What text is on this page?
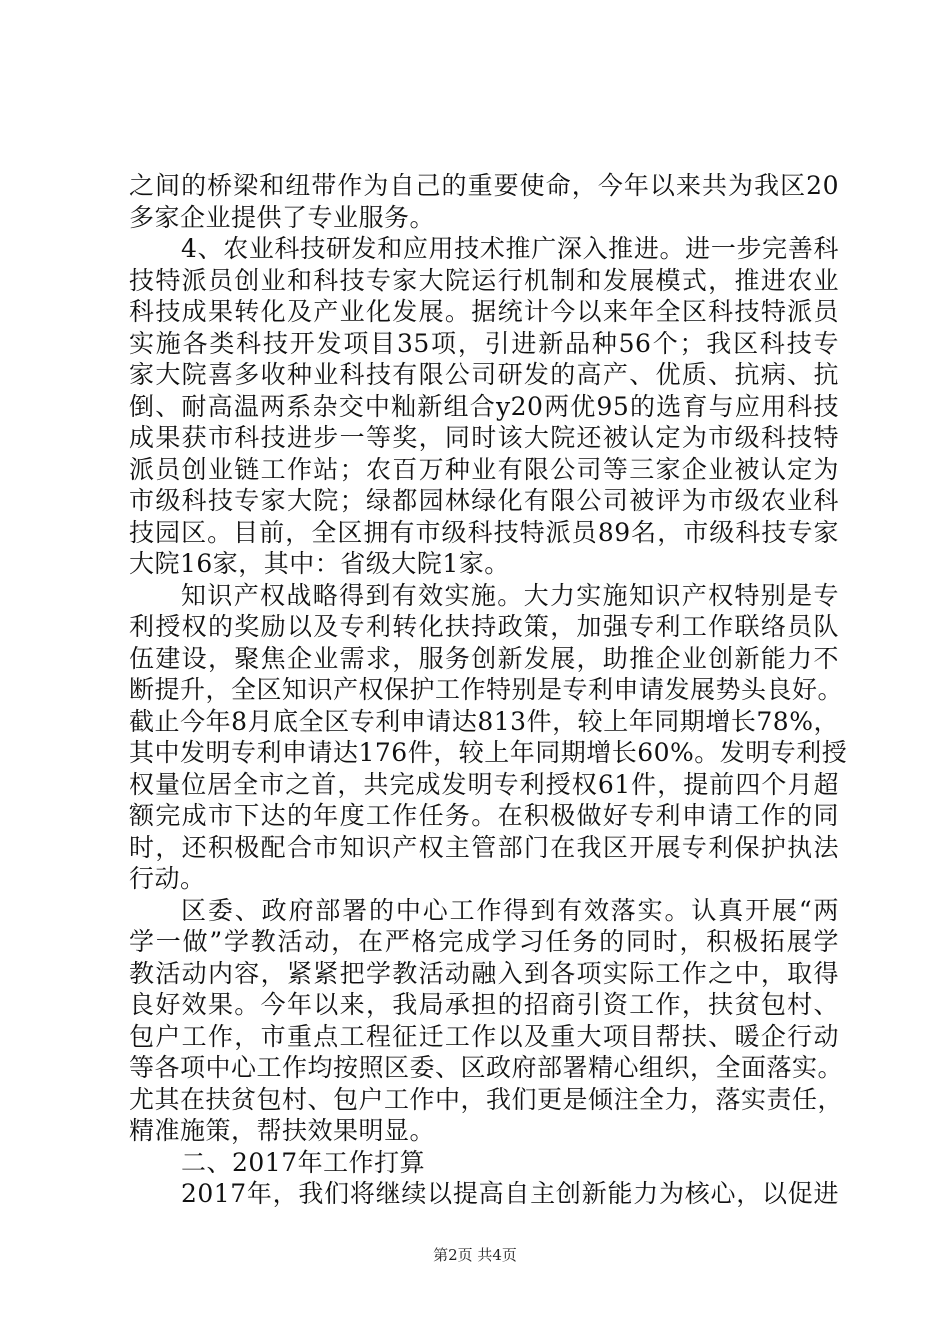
之间的桥梁和纽带作为自己的重要使命，今年以来共为我区20
多家企业提供了专业服务。
4、农业科技研发和应用技术推广深入推进。进一步完善科
技特派员创业和科技专家大院运行机制和发展模式，推进农业
科技成果转化及产业化发展。据统计今以来年全区科技特派员
实施各类科技开发项目35项，引进新品种56个；我区科技专
家大院喜多收种业科技有限公司研发的高产、优质、抗病、抗
倒、耐高温两系杂交中籼新组合y20两优95的选育与应用科技
成果获市科技进步一等奖，同时该大院还被认定为市级科技特
派员创业链工作站；农百万种业有限公司等三家企业被认定为
市级科技专家大院；绿都园林绿化有限公司被评为市级农业科
技园区。目前，全区拥有市级科技特派员89名，市级科技专家
大院16家，其中：省级大院1家。
知识产权战略得到有效实施。大力实施知识产权特别是专
利授权的奖励以及专利转化扶持政策，加强专利工作联络员队
伍建设，聚焦企业需求，服务创新发展，助推企业创新能力不
断提升，全区知识产权保护工作特别是专利申请发展势头良好。
截止今年8月底全区专利申请达813件，较上年同期增长78%，
其中发明专利申请达176件，较上年同期增长60%。发明专利授
权量位居全市之首，共完成发明专利授权61件，提前四个月超
额完成市下达的年度工作任务。在积极做好专利申请工作的同
时，还积极配合市知识产权主管部门在我区开展专利保护执法
行动。
区委、政府部署的中心工作得到有效落实。认真开展“两
学一做”学教活动，在严格完成学习任务的同时，积极拓展学
教活动内容，紧紧把学教活动融入到各项实际工作之中，取得
良好效果。今年以来，我局承担的招商引资工作，扶贫包村、
包户工作，市重点工程征迁工作以及重大项目帮扶、暖企行动
等各项中心工作均按照区委、区政府部署精心组织，全面落实。
尤其在扶贫包村、包户工作中，我们更是倾注全力，落实责任，
精准施策，帮扶效果明显。
二、2017年工作打算
2017年，我们将继续以提高自主创新能力为核心，以促进
第2页 共4页
